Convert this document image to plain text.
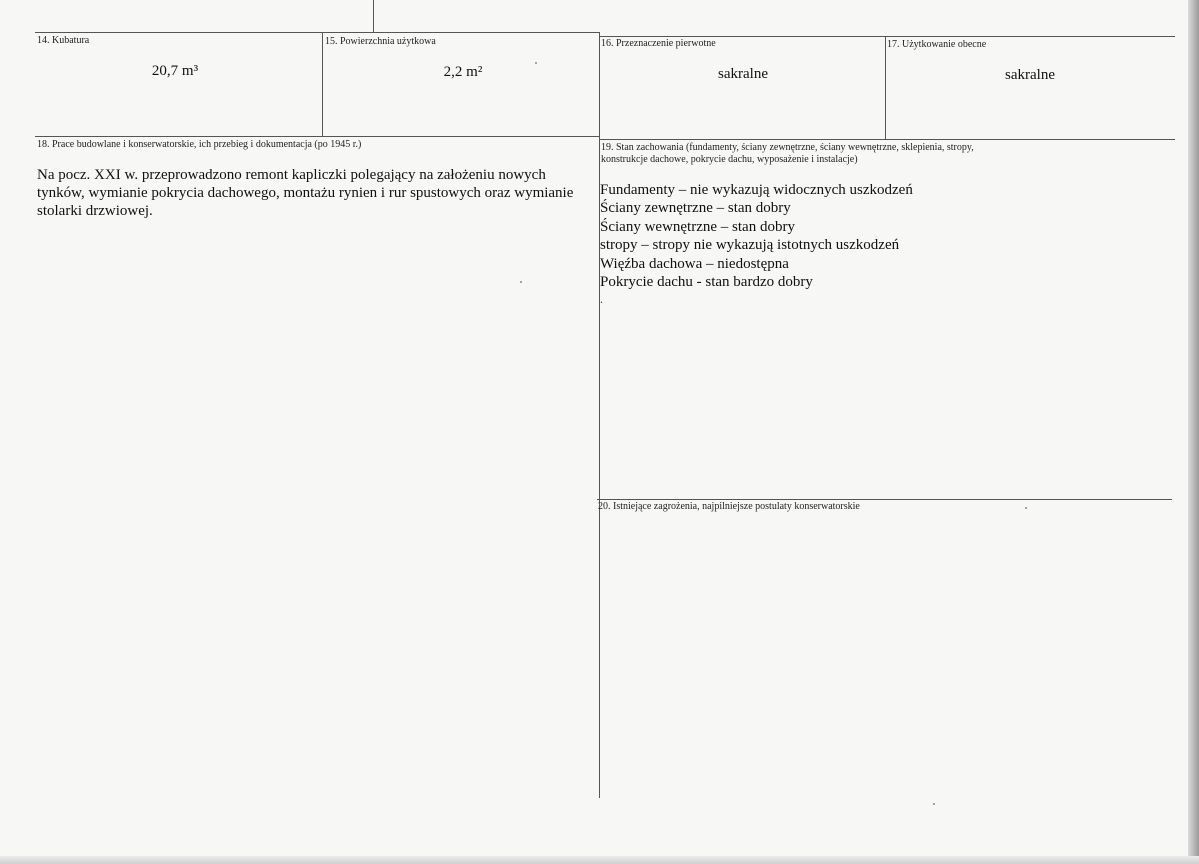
14. Kubatura
20,7 m³
15. Powierzchnia użytkowa
2,2 m²
16. Przeznaczenie pierwotne
sakralne
17. Użytkowanie obecne
sakralne
18. Prace budowlane i konserwatorskie, ich przebieg i dokumentacja (po 1945 r.)
Na pocz. XXI w. przeprowadzono remont kapliczki polegający na założeniu nowych
tynków, wymianie pokrycia dachowego, montażu rynien i rur spustowych oraz wymianie
stolarki drzwiowej.
19. Stan zachowania (fundamenty, ściany zewnętrzne, ściany wewnętrzne, sklepienia, stropy,
konstrukcje dachowe, pokrycie dachu, wyposażenie i instalacje)
Fundamenty – nie wykazują widocznych uszkodzeń
Ściany zewnętrzne – stan dobry
Ściany wewnętrzne – stan dobry
stropy – stropy nie wykazują istotnych uszkodzeń
Więźba dachowa – niedostępna
Pokrycie dachu - stan bardzo dobry
.
20. Istniejące zagrożenia, najpilniejsze postulaty konserwatorskie
